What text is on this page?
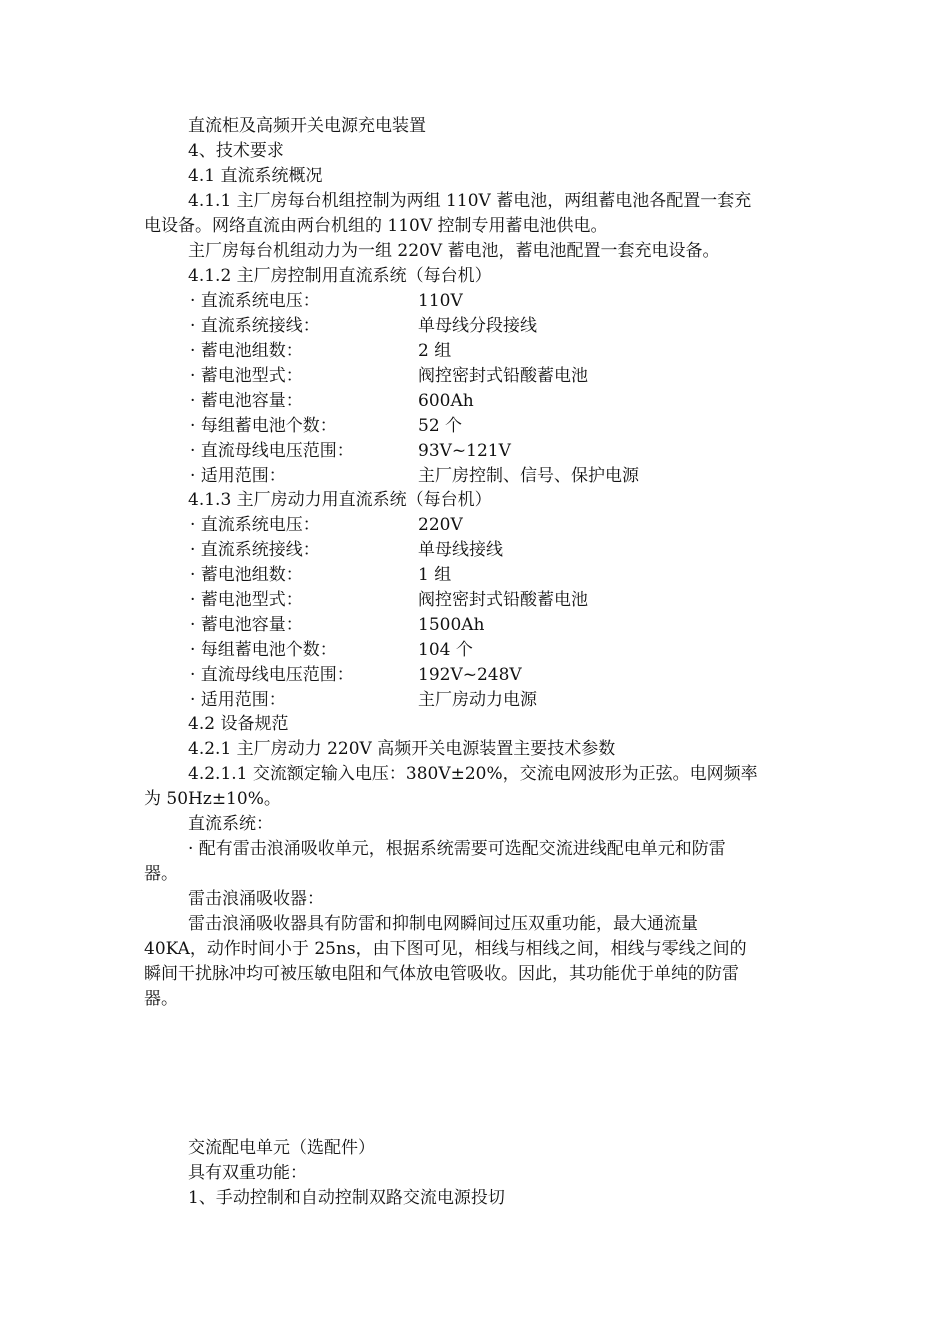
直流柜及高频开关电源充电装置
4、技术要求
4.1 直流系统概况
4.1.1 主厂房每台机组控制为两组 110V 蓄电池，两组蓄电池各配置一套充
电设备。网络直流由两台机组的 110V 控制专用蓄电池供电。
主厂房每台机组动力为一组 220V 蓄电池，蓄电池配置一套充电设备。
4.1.2 主厂房控制用直流系统（每台机）
· 直流系统电压：	110V
· 直流系统接线：	单母线分段接线
· 蓄电池组数：	2 组
· 蓄电池型式：	阀控密封式铅酸蓄电池
· 蓄电池容量：	600Ah
· 每组蓄电池个数：	52 个
· 直流母线电压范围：	93V~121V
· 适用范围：	主厂房控制、信号、保护电源
4.1.3 主厂房动力用直流系统（每台机）
· 直流系统电压：	220V
· 直流系统接线：	单母线接线
· 蓄电池组数：	1 组
· 蓄电池型式：	阀控密封式铅酸蓄电池
· 蓄电池容量：	1500Ah
· 每组蓄电池个数：	104 个
· 直流母线电压范围：	192V~248V
· 适用范围：	主厂房动力电源
4.2 设备规范
4.2.1 主厂房动力 220V 高频开关电源装置主要技术参数
4.2.1.1 交流额定输入电压：380V±20%，交流电网波形为正弦。电网频率
为 50Hz±10%。
直流系统：
· 配有雷击浪涌吸收单元，根据系统需要可选配交流进线配电单元和防雷
器。
雷击浪涌吸收器：
雷击浪涌吸收器具有防雷和抑制电网瞬间过压双重功能，最大通流量
40KA，动作时间小于 25ns，由下图可见，相线与相线之间，相线与零线之间的
瞬间干扰脉冲均可被压敏电阻和气体放电管吸收。因此，其功能优于单纯的防雷
器。
交流配电单元（选配件）
具有双重功能：
1、手动控制和自动控制双路交流电源投切
